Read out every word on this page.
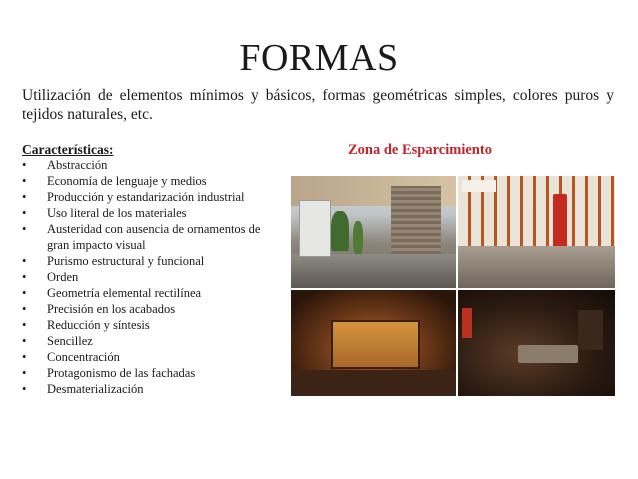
FORMAS
Utilización de elementos mínimos y básicos, formas geométricas simples, colores puros y tejidos naturales, etc.
Características:	Zona de Esparcimiento
• Abstracción
• Economía de lenguaje y medios
• Producción y estandarización industrial
• Uso literal de los materiales
• Austeridad con ausencia de ornamentos de
gran impacto visual
• Purismo estructural y funcional
• Orden
• Geometría elemental rectilínea
• Precisión en los acabados
• Reducción y síntesis
• Sencillez
• Concentración
• Protagonismo de las fachadas
• Desmaterialización
